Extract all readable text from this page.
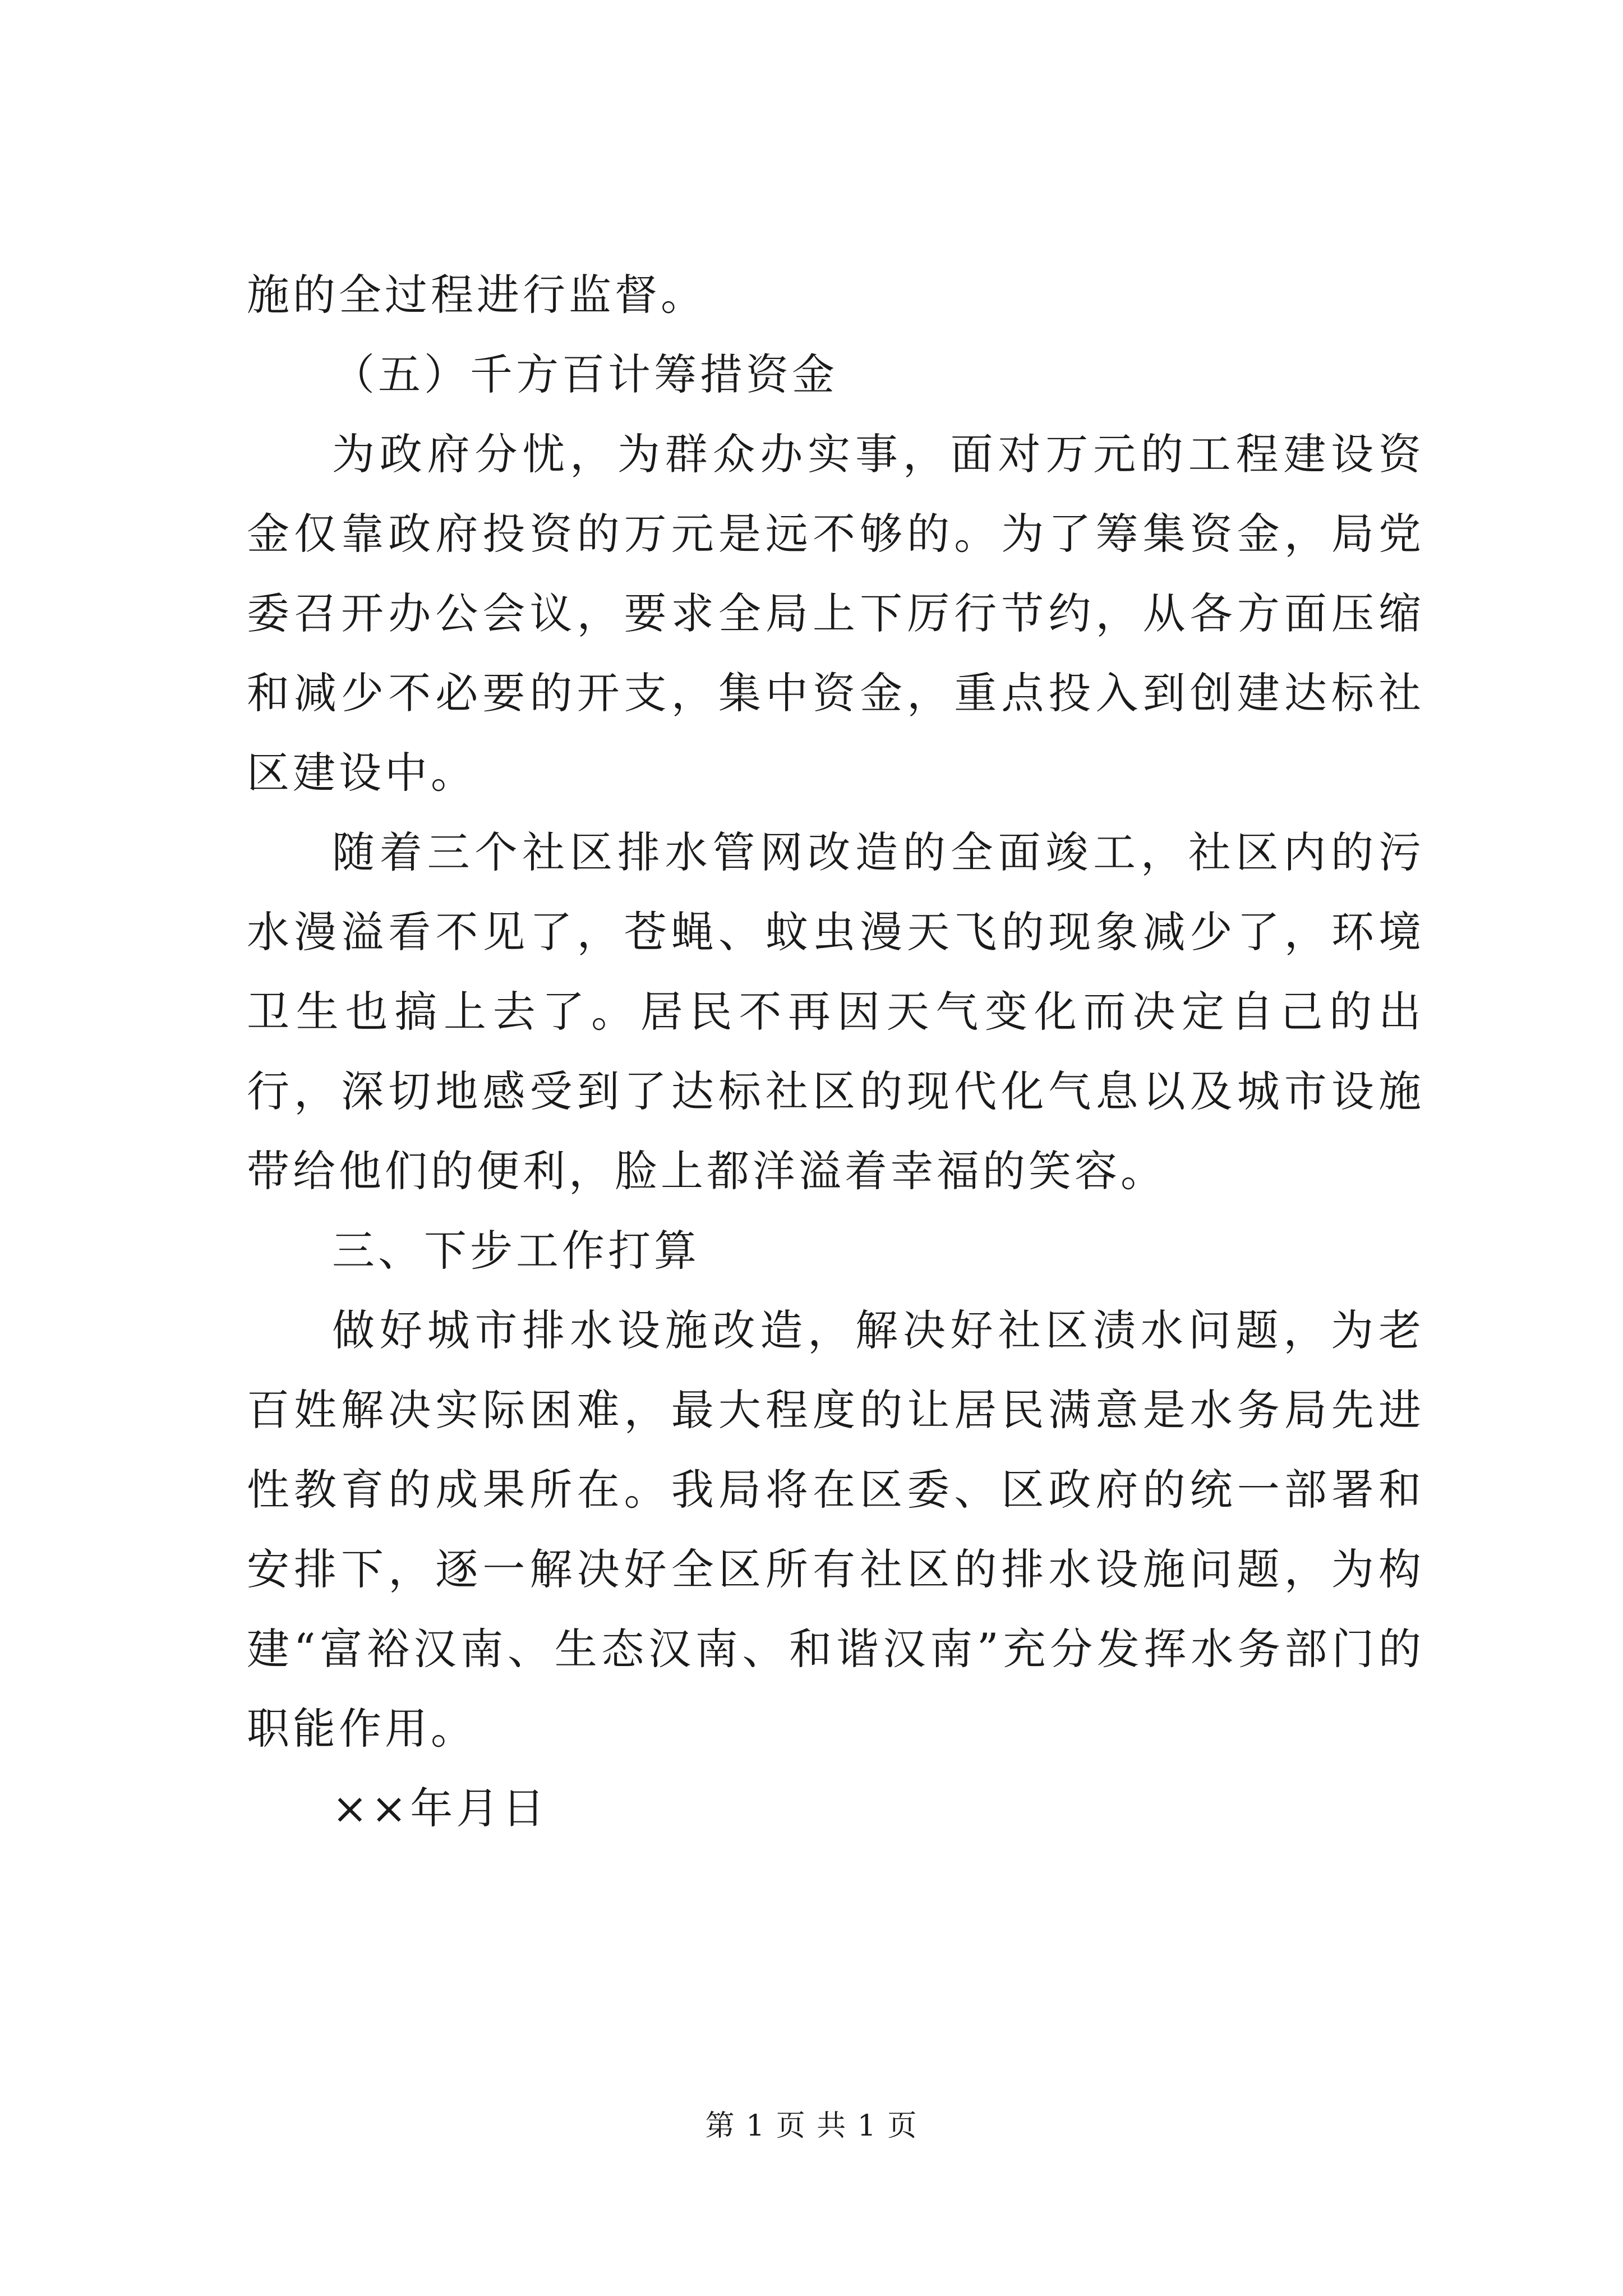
施的全过程进行监督。

（五）千方百计筹措资金

为政府分忧，为群众办实事，面对万元的工程建设资金仅靠政府投资的万元是远不够的。为了筹集资金，局党委召开办公会议，要求全局上下厉行节约，从各方面压缩和减少不必要的开支，集中资金，重点投入到创建达标社区建设中。

随着三个社区排水管网改造的全面竣工，社区内的污水漫溢看不见了，苍蝇、蚊虫漫天飞的现象减少了，环境卫生也搞上去了。居民不再因天气变化而决定自己的出行，深切地感受到了达标社区的现代化气息以及城市设施带给他们的便利，脸上都洋溢着幸福的笑容。

三、下步工作打算

做好城市排水设施改造，解决好社区渍水问题，为老百姓解决实际困难，最大程度的让居民满意是水务局先进性教育的成果所在。我局将在区委、区政府的统一部署和安排下，逐一解决好全区所有社区的排水设施问题，为构建“富裕汉南、生态汉南、和谐汉南”充分发挥水务部门的职能作用。

××年月日

第 1 页 共 1 页
